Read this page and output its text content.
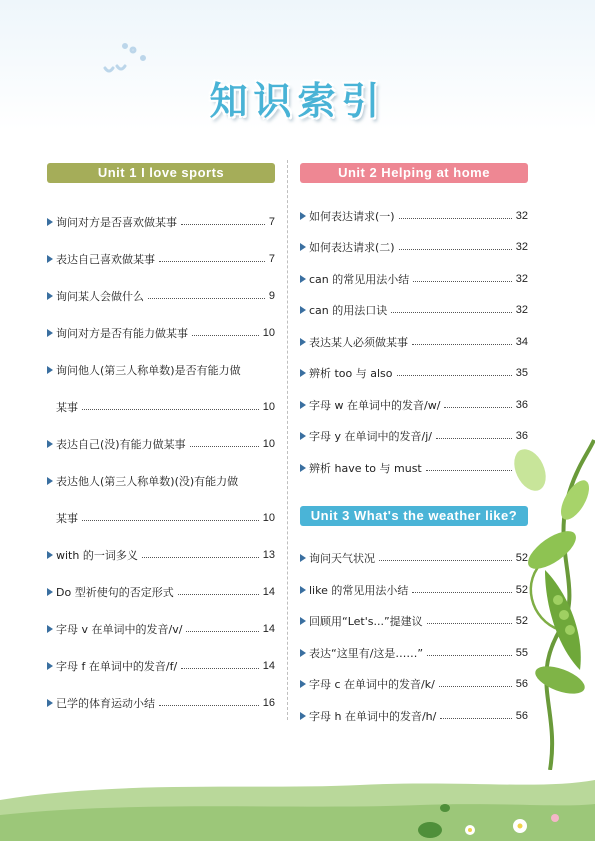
知识索引
Unit 1 I love sports
询问对方是否喜欢做某事	7
表达自己喜欢做某事	7
询问某人会做什么	9
询问对方是否有能力做某事	10
询问他人(第三人称单数)是否有能力做
某事	10
表达自己(没)有能力做某事	10
表达他人(第三人称单数)(没)有能力做
某事	10
with 的一词多义	13
Do 型祈使句的否定形式	14
字母 v 在单词中的发音/v/	14
字母 f 在单词中的发音/f/	14
已学的体育运动小结	16
Unit 2 Helping at home
如何表达请求(一)	32
如何表达请求(二)	32
can 的常见用法小结	32
can 的用法口诀	32
表达某人必须做某事	34
辨析 too 与 also	35
字母 w 在单词中的发音/w/	36
字母 y 在单词中的发音/j/	36
辨析 have to 与 must
Unit 3 What's the weather like?
询问天气状况	52
like 的常见用法小结	52
回顾用“Let's...”提建议	52
表达“这里有/这是……”	55
字母 c 在单词中的发音/k/	56
字母 h 在单词中的发音/h/	56
